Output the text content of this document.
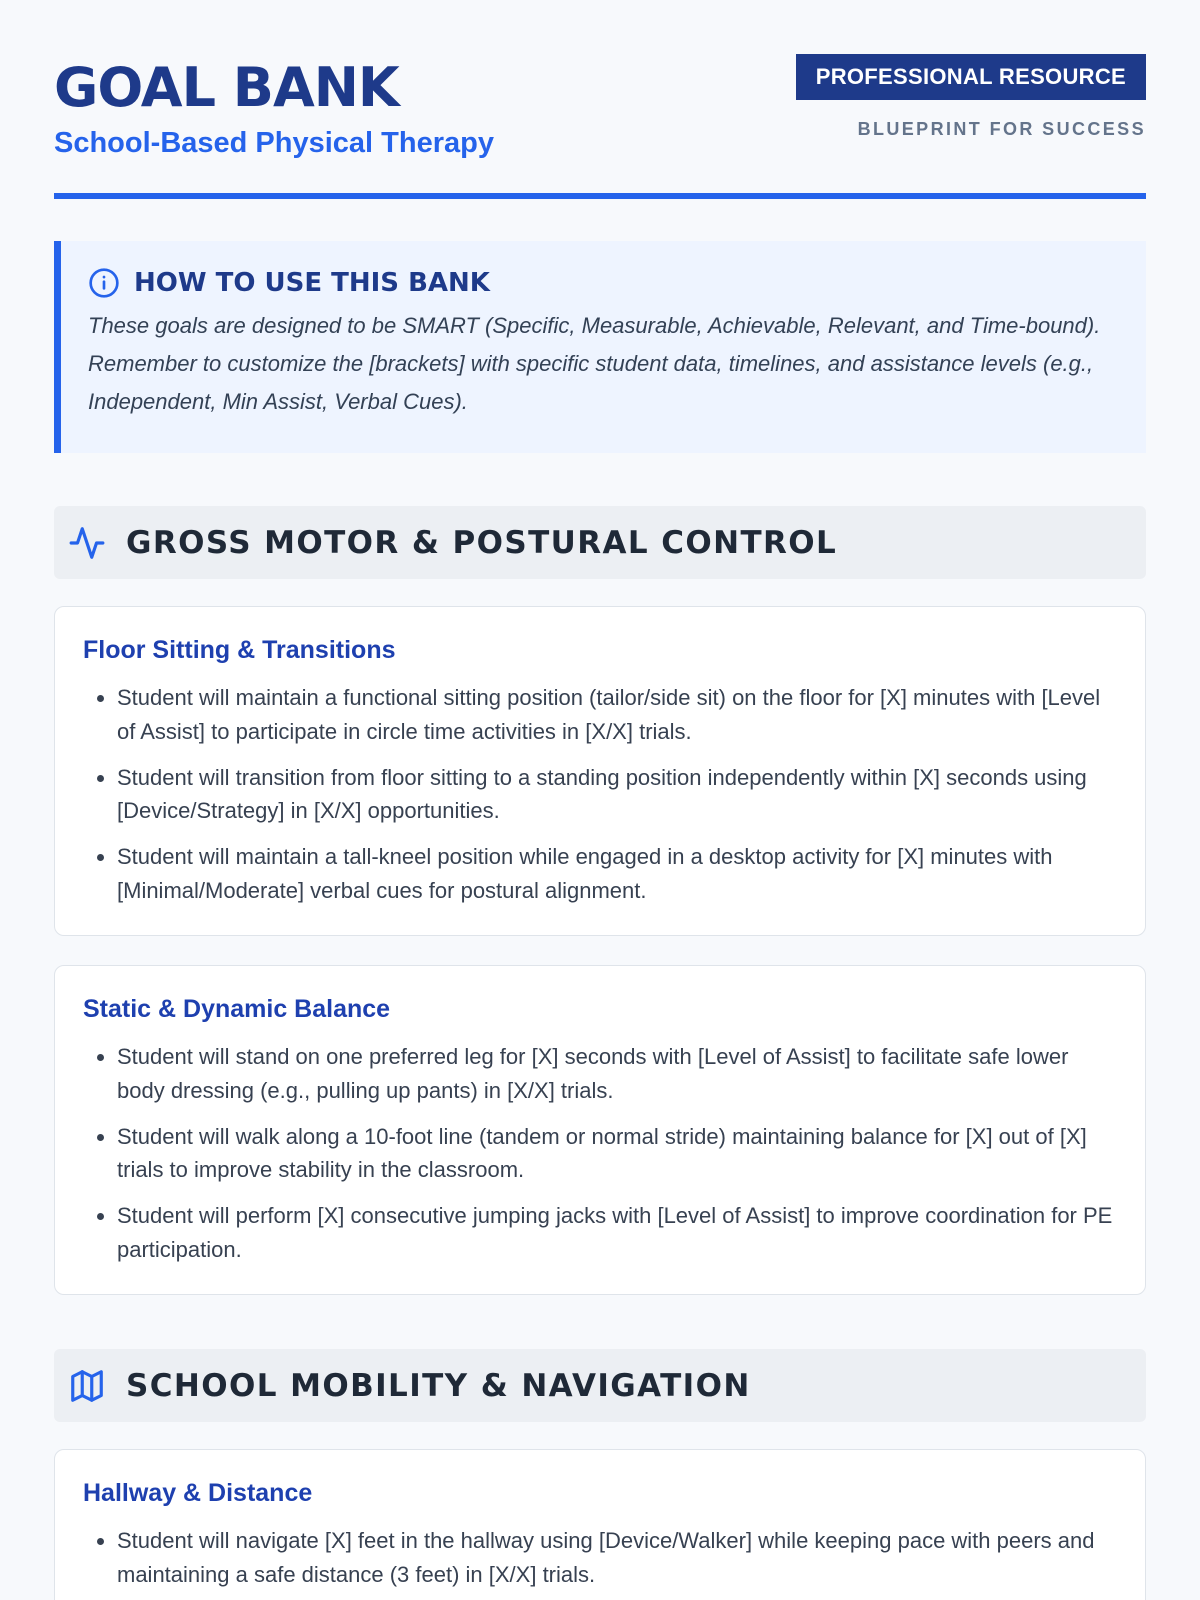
GOAL BANK
School-Based Physical Therapy
PROFESSIONAL RESOURCE
BLUEPRINT FOR SUCCESS
HOW TO USE THIS BANK
These goals are designed to be SMART (Specific, Measurable, Achievable, Relevant, and Time-bound). Remember to customize the [brackets] with specific student data, timelines, and assistance levels (e.g., Independent, Min Assist, Verbal Cues).
GROSS MOTOR & POSTURAL CONTROL
Floor Sitting & Transitions
• Student will maintain a functional sitting position (tailor/side sit) on the floor for [X] minutes with [Level of Assist] to participate in circle time activities in [X/X] trials.
• Student will transition from floor sitting to a standing position independently within [X] seconds using [Device/Strategy] in [X/X] opportunities.
• Student will maintain a tall-kneel position while engaged in a desktop activity for [X] minutes with [Minimal/Moderate] verbal cues for postural alignment.
Static & Dynamic Balance
• Student will stand on one preferred leg for [X] seconds with [Level of Assist] to facilitate safe lower body dressing (e.g., pulling up pants) in [X/X] trials.
• Student will walk along a 10-foot line (tandem or normal stride) maintaining balance for [X] out of [X] trials to improve stability in the classroom.
• Student will perform [X] consecutive jumping jacks with [Level of Assist] to improve coordination for PE participation.
SCHOOL MOBILITY & NAVIGATION
Hallway & Distance
• Student will navigate [X] feet in the hallway using [Device/Walker] while keeping pace with peers and maintaining a safe distance (3 feet) in [X/X] trials.
